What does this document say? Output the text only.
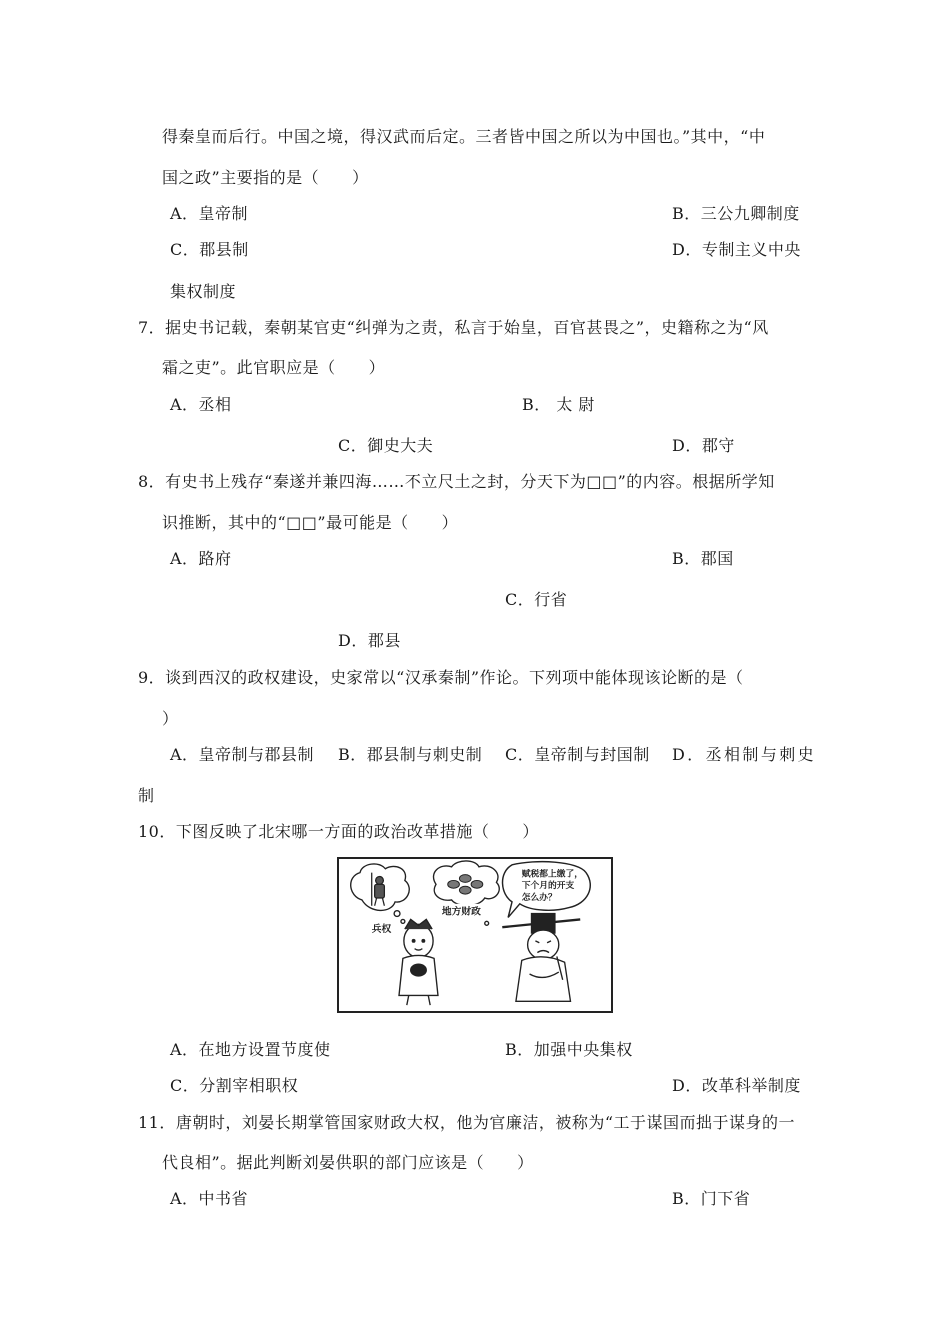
得秦皇而后行。中国之境，得汉武而后定。三者皆中国之所以为中国也。”其中，“中
国之政”主要指的是（　　）
A．皇帝制	B．三公九卿制度
C．郡县制	D．专制主义中央
集权制度
7．据史书记载，秦朝某官吏“纠弹为之责，私言于始皇，百官甚畏之”，史籍称之为“风
霜之吏”。此官职应是（　　）
A．丞相	B． 太 尉
C．御史大夫	D．郡守
8．有史书上残存“秦遂并兼四海……不立尺土之封，分天下为□□”的内容。根据所学知
识推断，其中的“□□”最可能是（　　）
A．路府	B．郡国
C．行省
D．郡县
9．谈到西汉的政权建设，史家常以“汉承秦制”作论。下列项中能体现该论断的是（
）
A．皇帝制与郡县制 B．郡县制与刺史制 C．皇帝制与封国制 D．丞相制与刺史
制
10．下图反映了北宋哪一方面的政治改革措施（　　）
兵权
地方财政
赋税都上缴了，
下个月的开支
怎么办？
A．在地方设置节度使	B．加强中央集权
C．分割宰相职权	D．改革科举制度
11．唐朝时，刘晏长期掌管国家财政大权，他为官廉洁，被称为“工于谋国而拙于谋身的一
代良相”。据此判断刘晏供职的部门应该是（　　）
A．中书省	B．门下省
